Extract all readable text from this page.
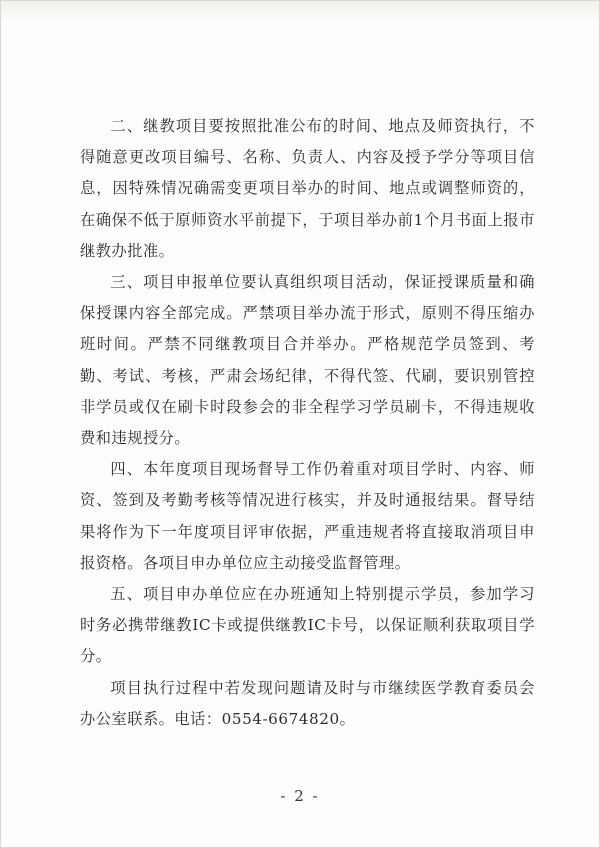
二、继教项目要按照批准公布的时间、地点及师资执行，不得随意更改项目编号、名称、负责人、内容及授予学分等项目信息，因特殊情况确需变更项目举办的时间、地点或调整师资的，在确保不低于原师资水平前提下，于项目举办前1个月书面上报市继教办批准。

三、项目申报单位要认真组织项目活动，保证授课质量和确保授课内容全部完成。严禁项目举办流于形式，原则不得压缩办班时间。严禁不同继教项目合并举办。严格规范学员签到、考勤、考试、考核，严肃会场纪律，不得代签、代刷，要识别管控非学员或仅在刷卡时段参会的非全程学习学员刷卡，不得违规收费和违规授分。

四、本年度项目现场督导工作仍着重对项目学时、内容、师资、签到及考勤考核等情况进行核实，并及时通报结果。督导结果将作为下一年度项目评审依据，严重违规者将直接取消项目申报资格。各项目申办单位应主动接受监督管理。

五、项目申办单位应在办班通知上特别提示学员，参加学习时务必携带继教IC卡或提供继教IC卡号，以保证顺利获取项目学分。

项目执行过程中若发现问题请及时与市继续医学教育委员会办公室联系。电话：0554-6674820。

- 2 -
